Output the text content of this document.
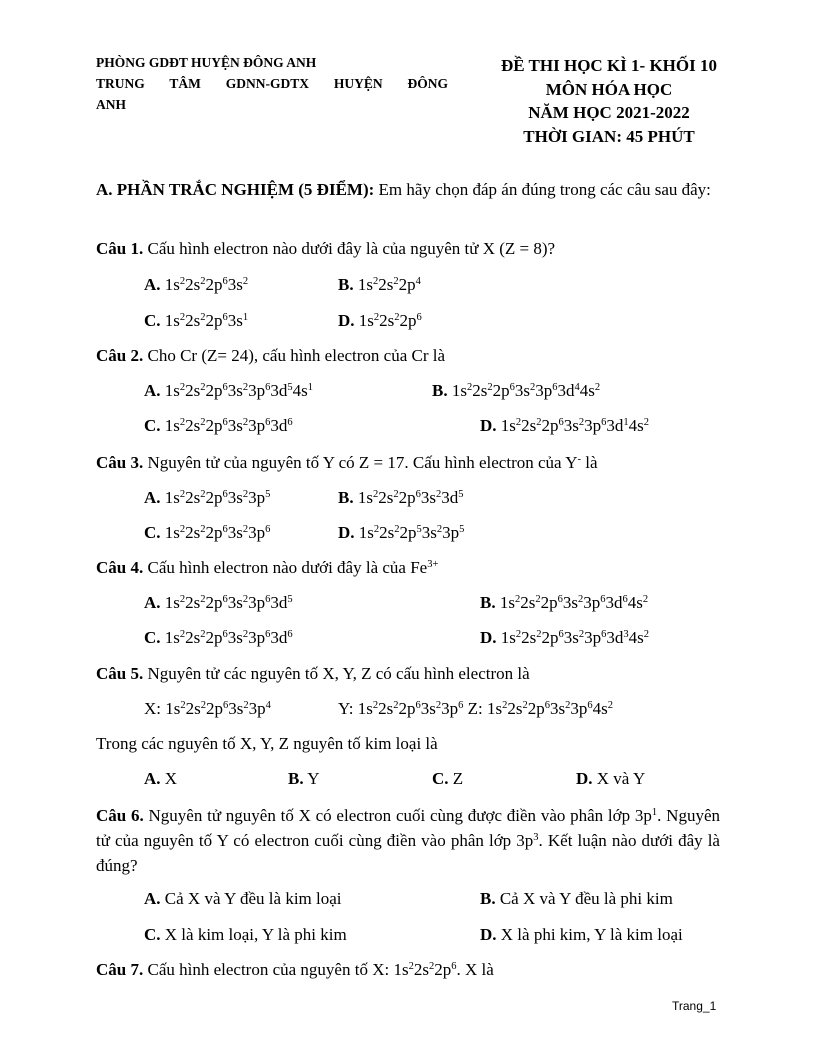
PHÒNG GDĐT HUYỆN ĐÔNG ANH
TRUNG TÂM GDNN-GDTX HUYỆN ĐÔNG
ANH
ĐỀ THI HỌC KÌ 1- KHỐI 10
MÔN HÓA HỌC
NĂM HỌC 2021-2022
THỜI GIAN: 45 PHÚT
A. PHẦN TRẮC NGHIỆM (5 ĐIỂM): Em hãy chọn đáp án đúng trong các câu sau đây:
Câu 1. Cấu hình electron nào dưới đây là của nguyên tử X (Z = 8)?
A. $1s^22s^22p^63s^2$	B. $1s^22s^22p^4$
C. $1s^22s^22p^63s^1$	D. $1s^22s^22p^6$
Câu 2. Cho Cr (Z= 24), cấu hình electron của Cr là
A. $1s^22s^22p^63s^23p^63d^54s^1$	B. $1s^22s^22p^63s^23p^63d^44s^2$
C. $1s^22s^22p^63s^23p^63d^6$	D. $1s^22s^22p^63s^23p^63d^14s^2$
Câu 3. Nguyên tử của nguyên tố Y có Z = 17. Cấu hình electron của Y- là
A. $1s^22s^22p^63s^23p^5$	B. $1s^22s^22p^63s^23d^5$
C. $1s^22s^22p^63s^23p^6$	D. $1s^22s^22p^53s^23p^5$
Câu 4. Cấu hình electron nào dưới đây là của $Fe^{3+}$
A. $1s^22s^22p^63s^23p^63d^5$	B. $1s^22s^22p^63s^23p^63d^64s^2$
C. $1s^22s^22p^63s^23p^63d^6$	D. $1s^22s^22p^63s^23p^63d^34s^2$
Câu 5. Nguyên tử các nguyên tố X, Y, Z có cấu hình electron là
X: $1s^22s^22p^63s^23p^4$	Y: $1s^22s^22p^63s^23p^6$ Z: $1s^22s^22p^63s^23p^64s^2$
Trong các nguyên tố X, Y, Z nguyên tố kim loại là
A. X	B. Y	C. Z	D. X và Y
Câu 6. Nguyên tử nguyên tố X có electron cuối cùng được điền vào phân lớp $3p^1$. Nguyên tử của nguyên tố Y có electron cuối cùng điền vào phân lớp $3p^3$. Kết luận nào dưới đây là đúng?
A. Cả X và Y đều là kim loại	B. Cả X và Y đều là phi kim
C. X là kim loại, Y là phi kim	D. X là phi kim, Y là kim loại
Câu 7. Cấu hình electron của nguyên tố X: $1s^22s^22p^6$. X là
Trang_1
